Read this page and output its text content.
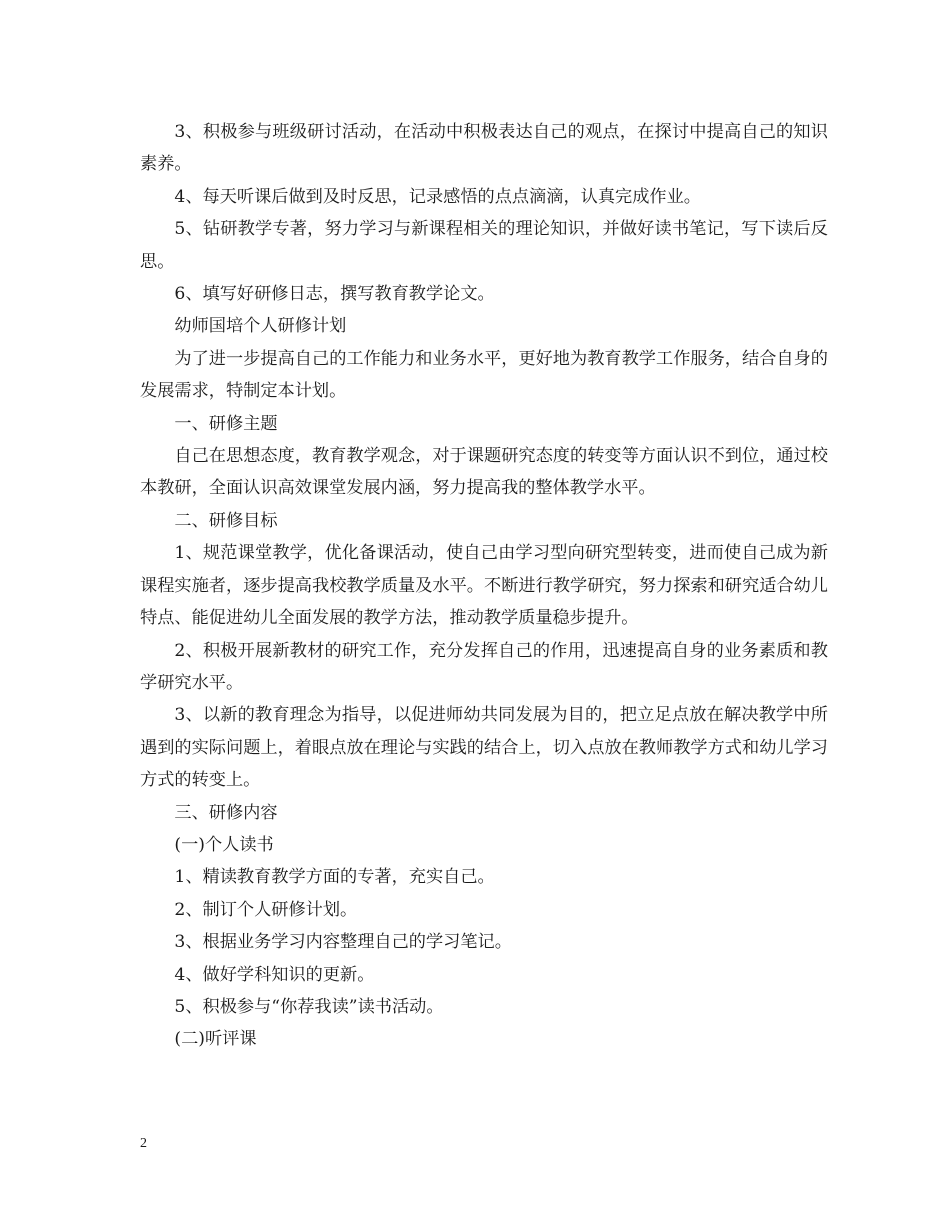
3、积极参与班级研讨活动，在活动中积极表达自己的观点，在探讨中提高自己的知识素养。

4、每天听课后做到及时反思，记录感悟的点点滴滴，认真完成作业。

5、钻研教学专著，努力学习与新课程相关的理论知识，并做好读书笔记，写下读后反思。

6、填写好研修日志，撰写教育教学论文。

幼师国培个人研修计划

为了进一步提高自己的工作能力和业务水平，更好地为教育教学工作服务，结合自身的发展需求，特制定本计划。

一、研修主题

自己在思想态度，教育教学观念，对于课题研究态度的转变等方面认识不到位，通过校本教研，全面认识高效课堂发展内涵，努力提高我的整体教学水平。

二、研修目标

1、规范课堂教学，优化备课活动，使自己由学习型向研究型转变，进而使自己成为新课程实施者，逐步提高我校教学质量及水平。不断进行教学研究，努力探索和研究适合幼儿特点、能促进幼儿全面发展的教学方法，推动教学质量稳步提升。

2、积极开展新教材的研究工作，充分发挥自己的作用，迅速提高自身的业务素质和教学研究水平。

3、以新的教育理念为指导，以促进师幼共同发展为目的，把立足点放在解决教学中所遇到的实际问题上，着眼点放在理论与实践的结合上，切入点放在教师教学方式和幼儿学习方式的转变上。

三、研修内容

(一)个人读书

1、精读教育教学方面的专著，充实自己。

2、制订个人研修计划。

3、根据业务学习内容整理自己的学习笔记。

4、做好学科知识的更新。

5、积极参与“你荐我读”读书活动。

(二)听评课

2
